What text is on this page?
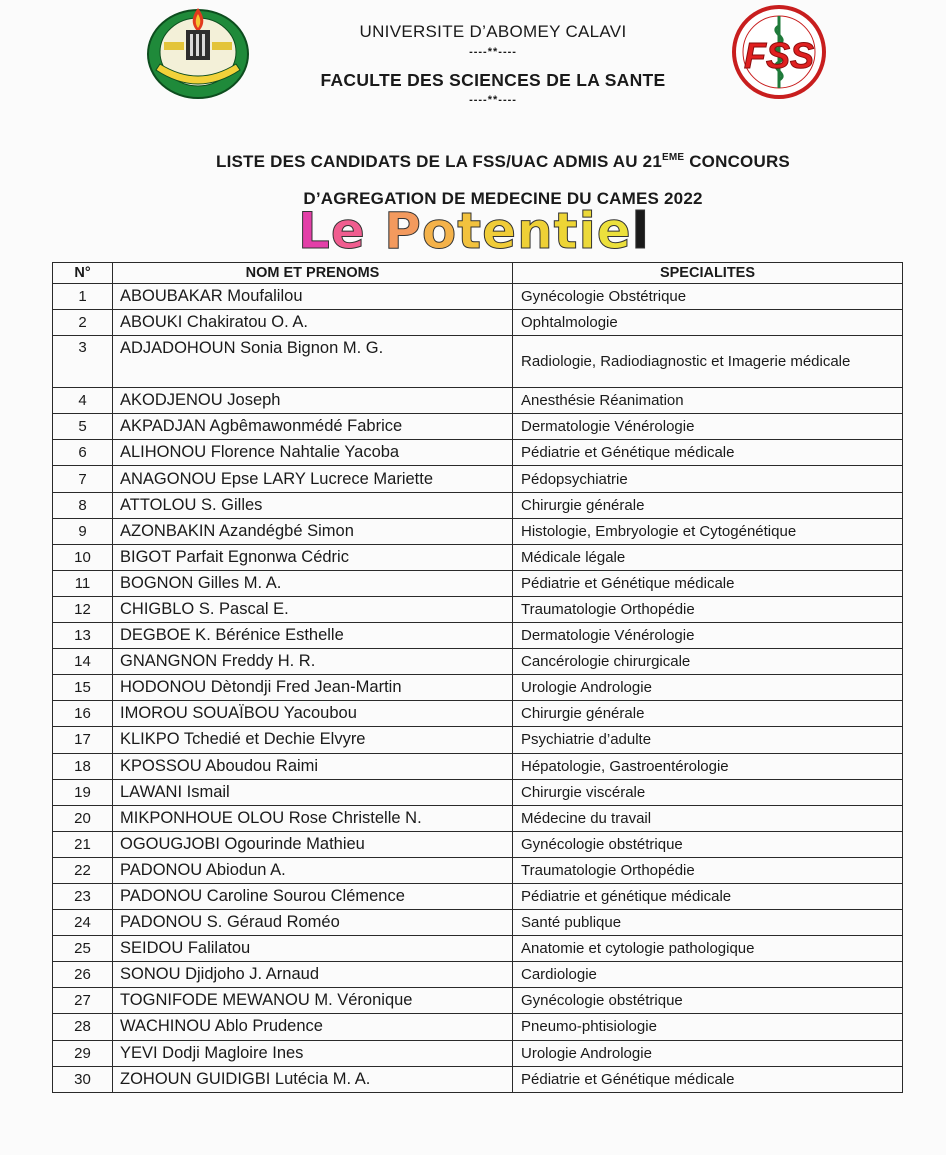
FSS
UNIVERSITE D’ABOMEY CALAVI
----**----
FACULTE DES SCIENCES DE LA SANTE
----**----
LISTE DES CANDIDATS DE LA FSS/UAC ADMIS AU 21EME CONCOURS
D’AGREGATION DE MEDECINE DU CAMES 2022
Le Potentiel
N°	NOM ET PRENOMS	SPECIALITES
1	ABOUBAKAR Moufalilou	Gynécologie Obstétrique
2	ABOUKI Chakiratou O. A.	Ophtalmologie
3	ADJADOHOUN Sonia Bignon M. G.	Radiologie, Radiodiagnostic et Imagerie médicale
4	AKODJENOU Joseph	Anesthésie Réanimation
5	AKPADJAN Agbêmawonmédé Fabrice	Dermatologie Vénérologie
6	ALIHONOU Florence Nahtalie Yacoba	Pédiatrie et Génétique médicale
7	ANAGONOU Epse LARY Lucrece Mariette	Pédopsychiatrie
8	ATTOLOU S. Gilles	Chirurgie générale
9	AZONBAKIN Azandégbé Simon	Histologie, Embryologie et Cytogénétique
10	BIGOT Parfait Egnonwa Cédric	Médicale légale
11	BOGNON Gilles M. A.	Pédiatrie et Génétique médicale
12	CHIGBLO S. Pascal E.	Traumatologie Orthopédie
13	DEGBOE K. Bérénice Esthelle	Dermatologie Vénérologie
14	GNANGNON Freddy H. R.	Cancérologie chirurgicale
15	HODONOU Dètondji Fred Jean-Martin	Urologie Andrologie
16	IMOROU SOUAÏBOU Yacoubou	Chirurgie générale
17	KLIKPO Tchedié et Dechie Elvyre	Psychiatrie d’adulte
18	KPOSSOU Aboudou Raimi	Hépatologie, Gastroentérologie
19	LAWANI Ismail	Chirurgie viscérale
20	MIKPONHOUE OLOU Rose Christelle N.	Médecine du travail
21	OGOUGJOBI Ogourinde Mathieu	Gynécologie obstétrique
22	PADONOU Abiodun A.	Traumatologie Orthopédie
23	PADONOU Caroline Sourou Clémence	Pédiatrie et génétique médicale
24	PADONOU S. Géraud Roméo	Santé publique
25	SEIDOU Falilatou	Anatomie et cytologie pathologique
26	SONOU Djidjoho J. Arnaud	Cardiologie
27	TOGNIFODE MEWANOU M. Véronique	Gynécologie obstétrique
28	WACHINOU Ablo Prudence	Pneumo-phtisiologie
29	YEVI Dodji Magloire Ines	Urologie Andrologie
30	ZOHOUN GUIDIGBI Lutécia M. A.	Pédiatrie et Génétique médicale
